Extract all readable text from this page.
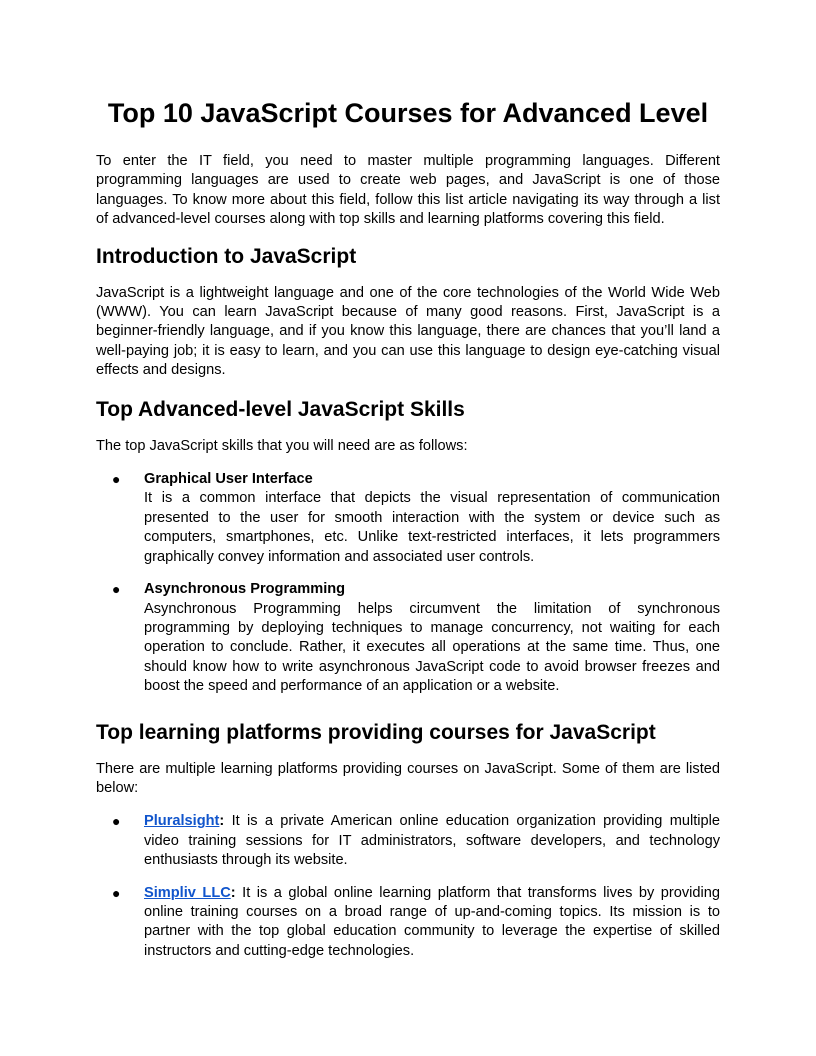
Top 10 JavaScript Courses for Advanced Level

To enter the IT field, you need to master multiple programming languages. Different programming languages are used to create web pages, and JavaScript is one of those languages. To know more about this field, follow this list article navigating its way through a list of advanced-level courses along with top skills and learning platforms covering this field.

Introduction to JavaScript

JavaScript is a lightweight language and one of the core technologies of the World Wide Web (WWW). You can learn JavaScript because of many good reasons. First, JavaScript is a beginner-friendly language, and if you know this language, there are chances that you’ll land a well-paying job; it is easy to learn, and you can use this language to design eye-catching visual effects and designs.

Top Advanced-level JavaScript Skills

The top JavaScript skills that you will need are as follows:

● Graphical User Interface
It is a common interface that depicts the visual representation of communication presented to the user for smooth interaction with the system or device such as computers, smartphones, etc. Unlike text-restricted interfaces, it lets programmers graphically convey information and associated user controls.
● Asynchronous Programming
Asynchronous Programming helps circumvent the limitation of synchronous programming by deploying techniques to manage concurrency, not waiting for each operation to conclude. Rather, it executes all operations at the same time. Thus, one should know how to write asynchronous JavaScript code to avoid browser freezes and boost the speed and performance of an application or a website.
Top learning platforms providing courses for JavaScript

There are multiple learning platforms providing courses on JavaScript. Some of them are listed below:

● Pluralsight: It is a private American online education organization providing multiple video training sessions for IT administrators, software developers, and technology enthusiasts through its website.
● Simpliv LLC: It is a global online learning platform that transforms lives by providing online training courses on a broad range of up-and-coming topics. Its mission is to partner with the top global education community to leverage the expertise of skilled instructors and cutting-edge technologies.
